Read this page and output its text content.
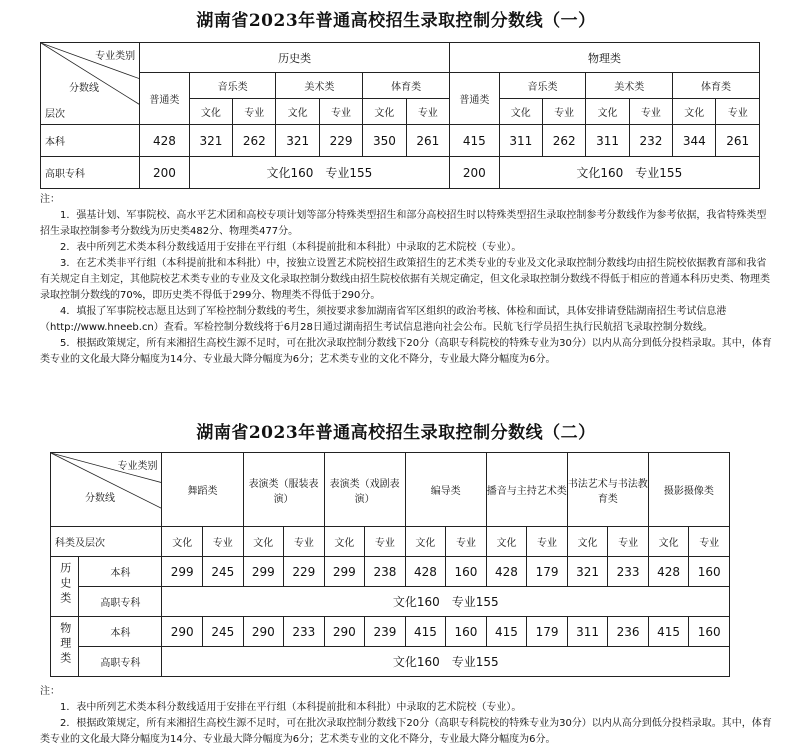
湖南省2023年普通高校招生录取控制分数线（一）
专业类别
分数线
层次	历史类							物理类						
	普通类	音乐类		美术类		体育类		普通类	音乐类		美术类		体育类	
		文化	专业	文化	专业	文化	专业		文化	专业	文化	专业	文化	专业
本科	428	321	262	321	229	350	261	415	311	262	311	232	344	261
高职专科	200	文化160　专业155						200	文化160　专业155					

注：

1．强基计划、军事院校、高水平艺术团和高校专项计划等部分特殊类型招生和部分高校招生时以特殊类型招生录取控制参考分数线作为参考依据，我省特殊类型招生录取控制参考分数线为历史类482分、物理类477分。

2．表中所列艺术类本科分数线适用于安排在平行组（本科提前批和本科批）中录取的艺术院校（专业）。

3．在艺术类非平行组（本科提前批和本科批）中，按独立设置艺术院校招生政策招生的艺术类专业的专业及文化录取控制分数线均由招生院校依据教育部和我省有关规定自主划定，其他院校艺术类专业的专业及文化录取控制分数线由招生院校依据有关规定确定，但文化录取控制分数线不得低于相应的普通本科历史类、物理类录取控制分数线的70%，即历史类不得低于299分、物理类不得低于290分。

4．填报了军事院校志愿且达到了军检控制分数线的考生，须按要求参加湖南省军区组织的政治考核、体检和面试，具体安排请登陆湖南招生考试信息港（http://www.hneeb.cn）查看。军检控制分数线将于6月28日通过湖南招生考试信息港向社会公布。民航飞行学员招生执行民航招飞录取控制分数线。

5．根据政策规定，所有来湘招生高校生源不足时，可在批次录取控制分数线下20分（高职专科院校的特殊专业为30分）以内从高分到低分投档录取。其中，体育类专业的文化最大降分幅度为14分、专业最大降分幅度为6分；艺术类专业的文化不降分，专业最大降分幅度为6分。

湖南省2023年普通高校招生录取控制分数线（二）
专业类别
分数线		舞蹈类		表演类（服装表演）		表演类（戏剧表演）		编导类		播音与主持艺术类		书法艺术与书法教育类		摄影摄像类	
科类及层次		文化	专业	文化	专业	文化	专业	文化	专业	文化	专业	文化	专业	文化	专业
历史类	本科	299	245	299	229	299	238	428	160	428	179	321	233	428	160
	高职专科	文化160　专业155													
物理类	本科	290	245	290	233	290	239	415	160	415	179	311	236	415	160
	高职专科	文化160　专业155													

注：

1．表中所列艺术类本科分数线适用于安排在平行组（本科提前批和本科批）中录取的艺术院校（专业）。

2．根据政策规定，所有来湘招生高校生源不足时，可在批次录取控制分数线下20分（高职专科院校的特殊专业为30分）以内从高分到低分投档录取。其中，体育类专业的文化最大降分幅度为14分、专业最大降分幅度为6分；艺术类专业的文化不降分，专业最大降分幅度为6分。
